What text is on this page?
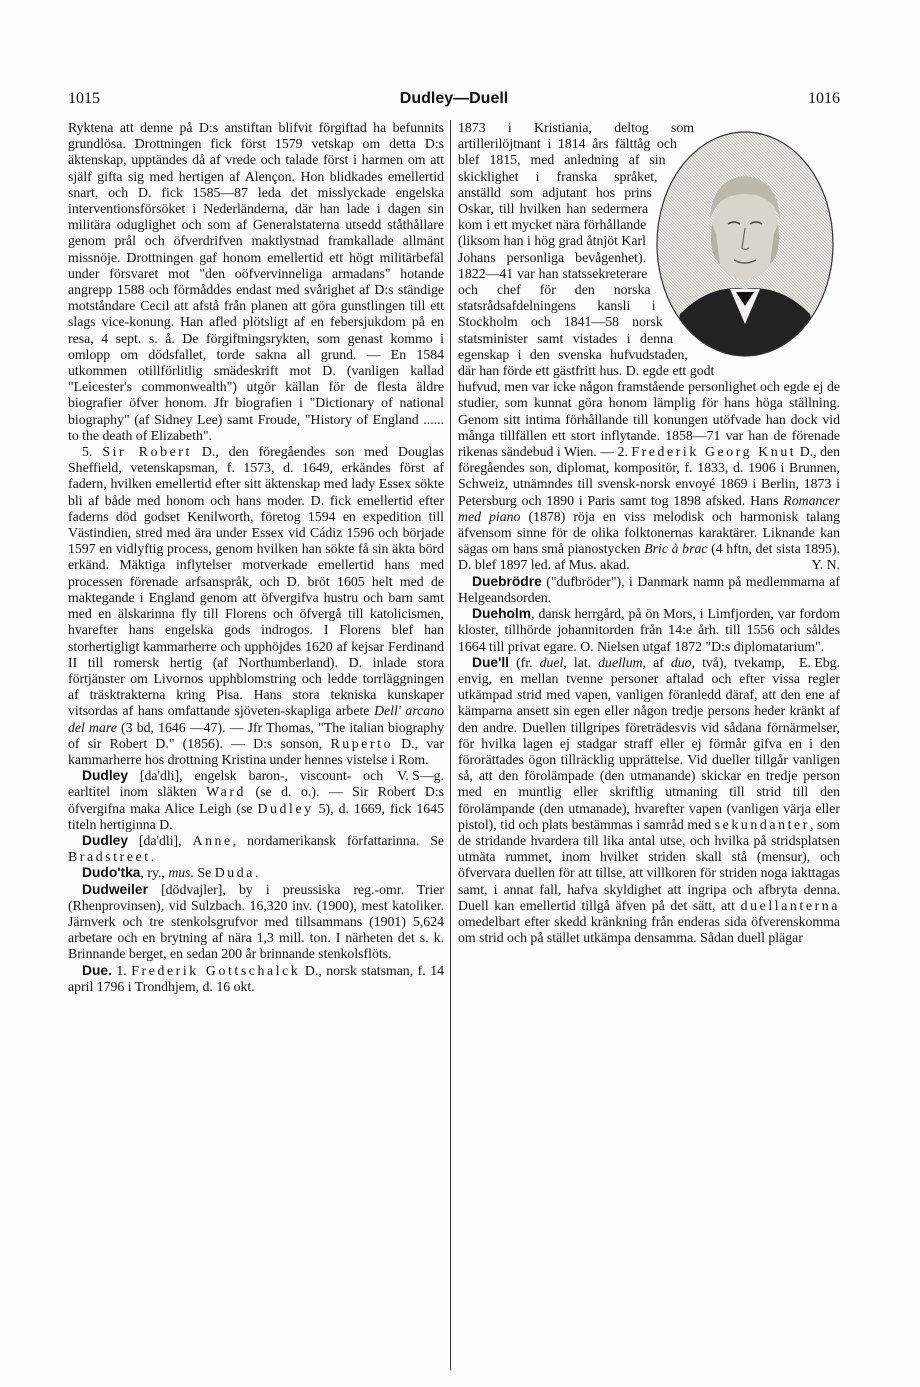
1015	Dudley—Duell	1016

Ryktena att denne på D:s anstiftan blifvit förgiftad ha befunnits grundlösa. Drottningen fick först 1579 vetskap om detta D:s äktenskap, upptändes då af vrede och talade först i harmen om att själf gifta sig med hertigen af Alençon. Hon blidkades emellertid snart, och D. fick 1585—87 leda det misslyckade engelska interventionsförsöket i Nederländerna, där han lade i dagen sin militära oduglighet och som af Generalstaterna utsedd ståthållare genom prål och öfverdrifven maktlystnad framkallade allmänt missnöje. Drottningen gaf honom emellertid ett högt militärbefäl under försvaret mot "den oöfvervinneliga armadans" hotande angrepp 1588 och förmåddes endast med svårighet af D:s ständige motståndare Cecil att afstå från planen att göra gunstlingen till ett slags vice-konung. Han afled plötsligt af en febersjukdom på en resa, 4 sept. s. å. De förgiftningsrykten, som genast kommo i omlopp om dödsfallet, torde sakna all grund. — En 1584 utkommen otillförlitlig smädeskrift mot D. (vanligen kallad "Leicester's commonwealth") utgör källan för de flesta äldre biografier öfver honom. Jfr biografien i "Dictionary of national biography" (af Sidney Lee) samt Froude, "History of England ...... to the death of Elizabeth".

5. Sir Robert D., den föregåendes son med Douglas Sheffield, vetenskapsman, f. 1573, d. 1649, erkändes först af fadern, hvilken emellertid efter sitt äktenskap med lady Essex sökte bli af både med honom och hans moder. D. fick emellertid efter faderns död godset Kenilworth, företog 1594 en expedition till Västindien, stred med ära under Essex vid Cádiz 1596 och började 1597 en vidlyftig process, genom hvilken han sökte få sin äkta börd erkänd. Mäktiga inflytelser motverkade emellertid hans med processen förenade arfsanspråk, och D. bröt 1605 helt med de maktegande i England genom att öfvergifva hustru och barn samt med en älskarinna fly till Florens och öfvergå till katolicismen, hvarefter hans engelska gods indrogos. I Florens blef han storhertigligt kammarherre och upphöjdes 1620 af kejsar Ferdinand II till romersk hertig (af Northumberland). D. inlade stora förtjänster om Livornos upphblomstring och ledde torrläggningen af träsktrakterna kring Pisa. Hans stora tekniska kunskaper vitsordas af hans omfattande sjöveten-skapliga arbete Dell' arcano del mare (3 bd, 1646 —47). — Jfr Thomas, "The italian biography of sir Robert D." (1856). — D:s sonson, Ruperto D., var kammarherre hos drottning Kristina under hennes vistelse i Rom.
V. S—g.

Dudley [da'dli], engelsk baron-, viscount- och earltitel inom släkten Ward (se d. o.). — Sir Robert D:s öfvergifna maka Alice Leigh (se Dudley 5), d. 1669, fick 1645 titeln hertiginna D.

Dudley [da'dli], Anne, nordamerikansk författarinna. Se Bradstreet.

Dudo'tka, ry., mus. Se Duda.

Dudweiler [dödvajler], by i preussiska reg.-omr. Trier (Rhenprovinsen), vid Sulzbach. 16,320 inv. (1900), mest katoliker. Järnverk och tre stenkolsgrufvor med tillsammans (1901) 5,624 arbetare och en brytning af nära 1,3 mill. ton. I närheten det s. k. Brinnande berget, en sedan 200 år brinnande stenkolsflöts.

Due. 1. Frederik Gottschalck D., norsk statsman, f. 14 april 1796 i Trondhjem, d. 16 okt.

1873 i Kristiania, deltog som artillerilöjtnant i 1814 års fälttåg och blef 1815, med anledning af sin skicklighet i franska språket, anställd som adjutant hos prins Oskar, till hvilken han sedermera kom i ett mycket nära förhållande (liksom han i hög grad åtnjöt Karl Johans personliga bevågenhet). 1822—41 var han statssekreterare och chef för den norska statsrådsafdelningens kansli i Stockholm och 1841—58 norsk statsminister samt vistades i denna egenskap i den svenska hufvudstaden, där han förde ett gästfritt hus. D. egde ett godt hufvud, men var icke någon framstående personlighet och egde ej de studier, som kunnat göra honom lämplig för hans höga ställning. Genom sitt intima förhållande till konungen utöfvade han dock vid många tillfällen ett stort inflytande. 1858—71 var han de förenade rikenas sändebud i Wien. — 2. Frederik Georg Knut D., den föregåendes son, diplomat, kompositör, f. 1833, d. 1906 i Brunnen, Schweiz, utnämndes till svensk-norsk envoyé 1869 i Berlin, 1873 i Petersburg och 1890 i Paris samt tog 1898 afsked. Hans Romancer med piano (1878) röja en viss melodisk och harmonisk talang äfvensom sinne för de olika folktonernas karaktärer. Liknande kan sägas om hans små pianostycken Bric à brac (4 hftn, det sista 1895). D. blef 1897 led. af Mus. akad.	Y. N.

Duebrödre ("dufbröder"), i Danmark namn på medlemmarna af Helgeandsorden.

Dueholm, dansk herrgård, på ön Mors, i Limfjorden, var fordom kloster, tillhörde johannitorden från 14:e årh. till 1556 och såldes 1664 till privat egare. O. Nielsen utgaf 1872 "D:s diplomatarium".
E. Ebg.

Due'll (fr. duel, lat. duellum, af duo, två), tvekamp, envig, en mellan tvenne personer aftalad och efter vissa regler utkämpad strid med vapen, vanligen föranledd däraf, att den ene af kämparna ansett sin egen eller någon tredje persons heder kränkt af den andre. Duellen tillgripes företrädesvis vid sådana förnärmelser, för hvilka lagen ej stadgar straff eller ej förmår gifva en i den förorättades ögon tillräcklig upprättelse. Vid dueller tillgår vanligen så, att den förolämpade (den utmanande) skickar en tredje person med en muntlig eller skriftlig utmaning till strid till den förolämpande (den utmanade), hvarefter vapen (vanligen värja eller pistol), tid och plats bestämmas i samråd med sekundanter, som de stridande hvardera till lika antal utse, och hvilka på stridsplatsen utmäta rummet, inom hvilket striden skall stå (mensur), och öfvervara duellen för att tillse, att villkoren för striden noga iakttagas samt, i annat fall, hafva skyldighet att ingripa och afbryta denna. Duell kan emellertid tillgå äfven på det sätt, att duellanterna omedelbart efter skedd kränkning från enderas sida öfverenskomma om strid och på stället utkämpa densamma. Sådan duell plägar
